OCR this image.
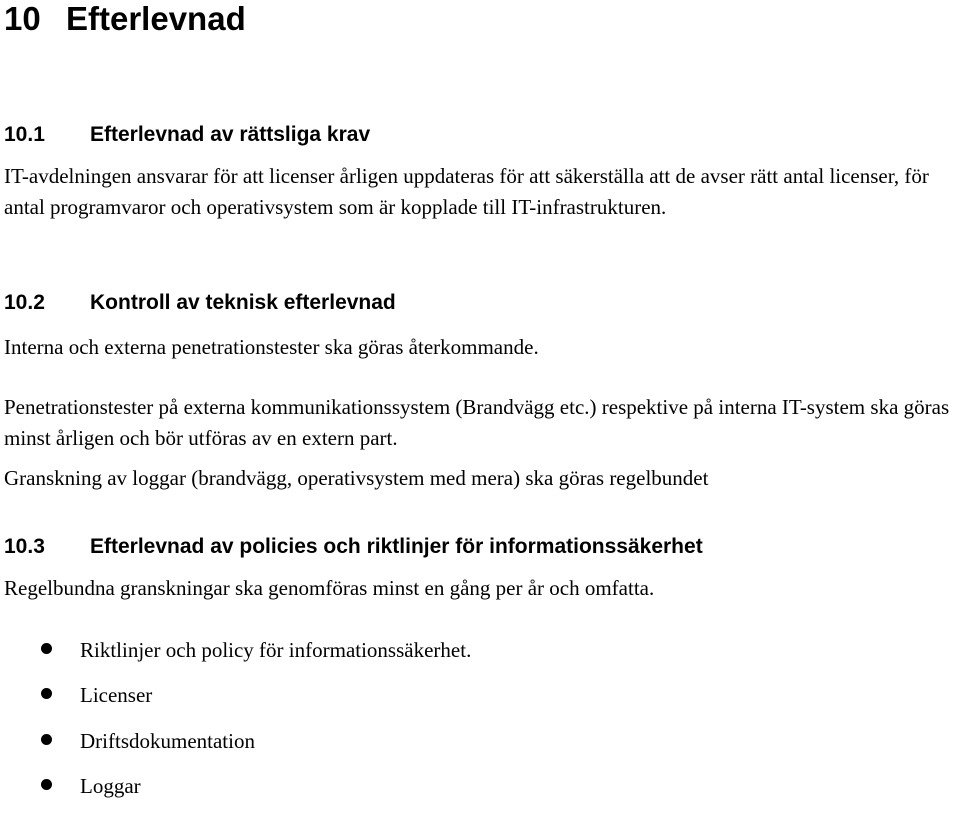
10 Efterlevnad
10.1 Efterlevnad av rättsliga krav

IT-avdelningen ansvarar för att licenser årligen uppdateras för att säkerställa att de avser rätt antal licenser, för antal programvaror och operativsystem som är kopplade till IT-infrastrukturen.

10.2 Kontroll av teknisk efterlevnad

Interna och externa penetrationstester ska göras återkommande.

Penetrationstester på externa kommunikationssystem (Brandvägg etc.) respektive på interna IT-system ska göras minst årligen och bör utföras av en extern part.

Granskning av loggar (brandvägg, operativsystem med mera) ska göras regelbundet

10.3 Efterlevnad av policies och riktlinjer för informationssäkerhet

Regelbundna granskningar ska genomföras minst en gång per år och omfatta.

Riktlinjer och policy för informationssäkerhet.
Licenser
Driftsdokumentation
Loggar
